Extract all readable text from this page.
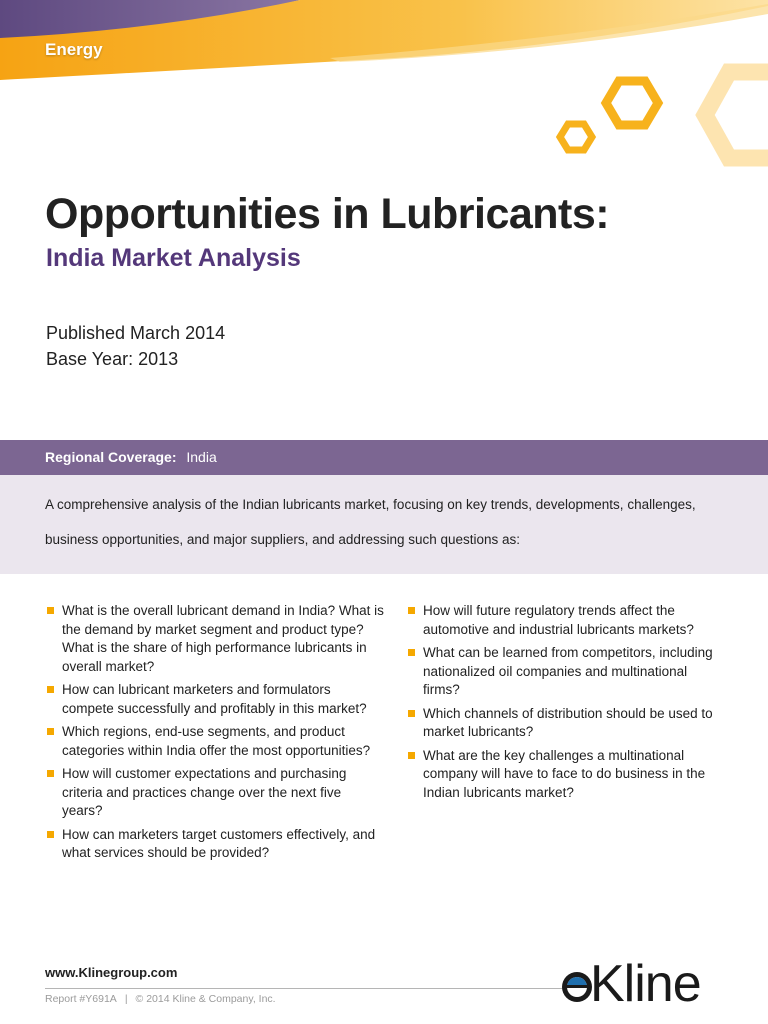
Energy
Opportunities in Lubricants:
India Market Analysis
Published March 2014
Base Year: 2013
Regional Coverage: India

A comprehensive analysis of the Indian lubricants market, focusing on key trends, developments, challenges, business opportunities, and major suppliers, and addressing such questions as:

What is the overall lubricant demand in India? What is the demand by market segment and product type? What is the share of high performance lubricants in overall market?
How can lubricant marketers and formulators compete successfully and profitably in this market?
Which regions, end-use segments, and product categories within India offer the most opportunities?
How will customer expectations and purchasing criteria and practices change over the next five years?
How can marketers target customers effectively, and what services should be provided?
How will future regulatory trends affect the automotive and industrial lubricants markets?
What can be learned from competitors, including nationalized oil companies and multinational firms?
Which channels of distribution should be used to market lubricants?
What are the key challenges a multinational company will have to face to do business in the Indian lubricants market?
www.Klinegroup.com
Report #Y691A | © 2014 Kline & Company, Inc.	Kline
